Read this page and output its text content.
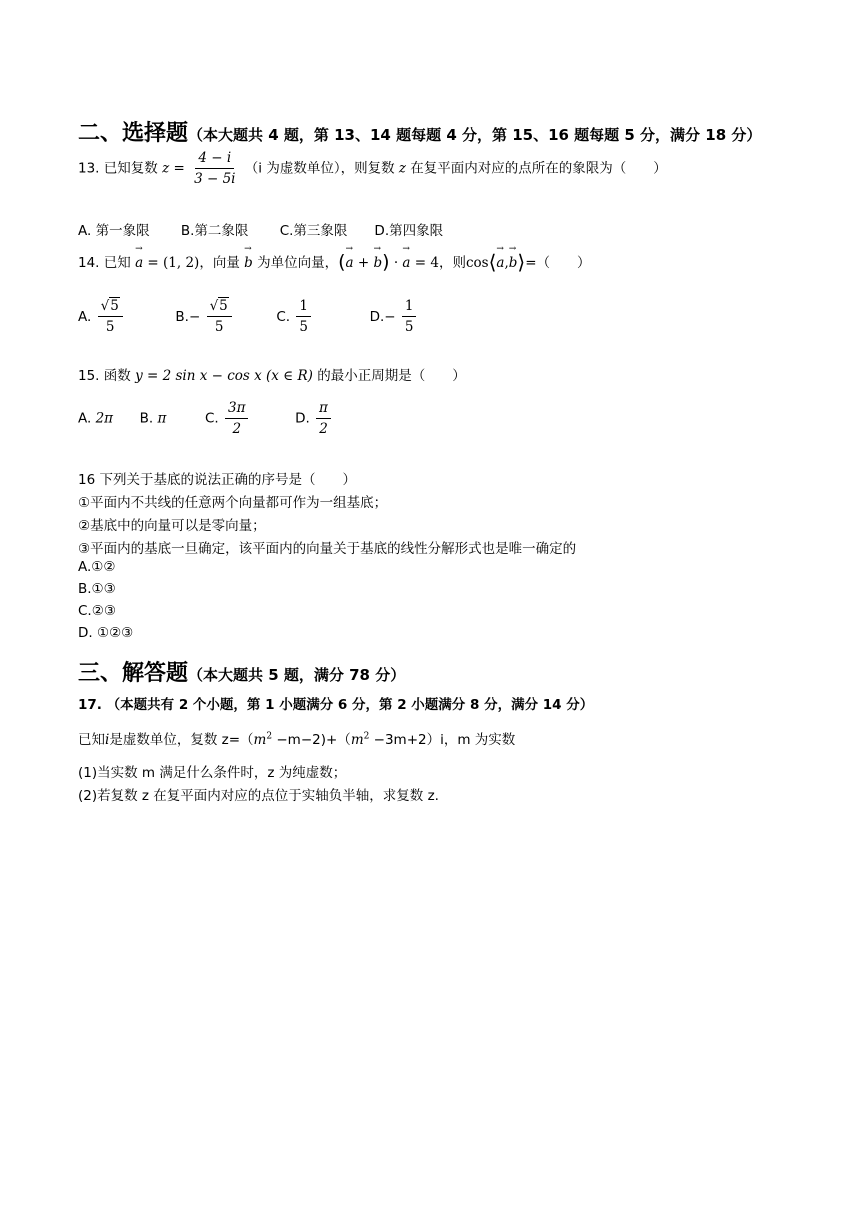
二、选择题（本大题共 4 题，第 13、14 题每题 4 分，第 15、16 题每题 5 分，满分 18 分）
13. 已知复数 $z = \frac{4 - i}{3 - 5i} (i$ 为虚数单位），则复数 z 在复平面内对应的点所在的象限为（　　）
A. 第一象限　　 B.第二象限　　 C.第三象限　　D.第四象限
14. 已知 → a = (1, 2)，向量 → b 为单位向量，(→ a + → b) · → a = 4，则cos⟨→ a,→ b⟩=（　　）
A. $\frac{√5}{5}$	$B.- \frac{√5}{5}$	C. $\frac{1}{5}$	$D.- \frac{1}{5}$
15. 函数 y = 2 sin x − cos x (x ∈ R) 的最小正周期是（　　）
A. 2π B. π	C. $\frac{3\pi}{2}$	D. $\frac{\pi}{2}$
16 下列关于基底的说法正确的序号是（　　）
①平面内不共线的任意两个向量都可作为一组基底；
②基底中的向量可以是零向量；
③平面内的基底一旦确定，该平面内的向量关于基底的线性分解形式也是唯一确定的
A.①②
B.①③
C.②③
D. ①②③
三、解答题（本大题共 5 题，满分 78 分）
17. （本题共有 2 个小题，第 1 小题满分 6 分，第 2 小题满分 8 分，满分 14 分）
已知i是虚数单位，复数 $z=(m^2 -m-2)+(m^2 -3m+2)i$，m 为实数
(1)当实数 m 满足什么条件时，z 为纯虚数；
(2)若复数 z 在复平面内对应的点位于实轴负半轴，求复数 z.
